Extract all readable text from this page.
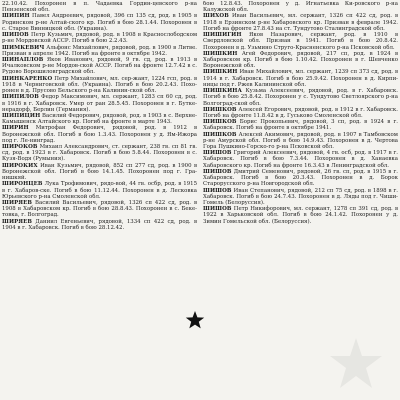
22.10.42. Похоронен в п. Чадаевка Гордин-цевского р-на Пензенской обл.
ШИПИН Павел Андреевич, рядовой, 396 сп 135 сд, род. в 1905 в Родинском р-не Алтай-ского кр. Погиб в бою 28.1.44. Похоронен в с. Старое Винницкой обл. (Украина).
ШИПОВ Петр Кузьмич, рядовой, род. в 1908 в Краснослободском р-не Мордовской АССР. Погиб в бою 2.2.43.
ШИМКЕВИЧ Альфонс Михайлович, рядовой, род. в 1900 в Литве. Призван в апреле 1942. Погиб на фронте в октябре 1942.
ШИНАПЛОВ Яков Иванович, рядовой, 9 гв. сд, род. в 1913 в Ичалковском р-не Мордов-ской АССР. Погиб на фронте 12.7.42 в с. Рудово Ворошиловградской обл.
ШИНКАРЕНКО Петр Михайлович, мл. сер-жант, 1224 гсп, род. в 1918 в Черниговской обл. (Украина). Погиб в бою 20.2.43. Похо-ронен в д. Прусово Бельского р-на Калинин-ской обл.
ШИПИЛОВ Федор Максимович, мл. сержант, 1283 сп 60 сд, род. в 1916 в г. Хабаровск. Умер от ран 28.5.45. Похоронен в г. Бутке-нерадорф, Берлин (Германия).
ШИПИЦИН Василий Федорович, рядовой, род. в 1903 в с. Верхне-Камышенск Алтайского кр. Погиб на фронте в марте 1943.
ШИРИН Митрофан Федорович, рядовой, род. в 1912 в Воронежской обл. Погиб в бою 1.3.43. Похоронен у д. Ям-Ижора под г. Ле-нинград.
ШИРОКОВ Михаил Александрович, ст. сержант, 238 гв. сп 81 гв. сд, род. в 1923 в г. Хабаровск. Погиб в бою 5.8.44. Похоронен в с. Кузя-Водя (Румыния).
ШИРОКИХ Иван Кузьмич, рядовой, 852 сп 277 сд, род. в 1900 в Воронежской обл. Погиб в бою 14.1.45. Похоронен под г. Гра-нишкяй.
ШИРОНЦЕВ Лука Трофимович, рядо-вой, 44 гв. осбр, род. в 1915 в г. Хабаров-ске. Погиб в бою 11.12.44. Похоронен в д. Лесковка Юрьевского р-на Смоленской обл.
ШИРЯЕВ Василий Васильевич, рядовой, 1326 сп 422 сд, род. в 1908 в Хабаровском кр. Погиб в бою 28.8.43. Похоронен в с. Беке-товка, г. Волгоград.
ШИРЯЕВ Даниил Евгеньевич, рядовой, 1334 сп 422 сд, род. в 1904 в г. Хабаровск. Погиб в бою 28.12.42.
бою 12.8.43. Похоронен у д. Игнатьевка Ки-ровского р-на Калужской обл.
ШИХОВ Иван Васильевич, мл. сержант, 1326 сп 422 сд, род. в 1918 в Ерзинском р-не Хабаровского кр. Призван в феврале 1942. Погиб на фронте 27.8.43 на ст. Тундутово Сталинградской обл.
ШИШИГИН Яков Назарович, сержант, род. в 1910 в Свердловской обл. Призван в 1941. Погиб в бою 20.8.42. Похоронен в д. Узьмино Струго-Красненского р-на Псковской обл.
ШИШКИН Агей Федорович, рядовой, 217 сп, род. в 1924 в Хабаровском кр. Погиб в бою 1.10.42. Похоронен в г. Шевченко Воронежской обл.
ШИШКИН Иван Михайлович, мл. сержант, 1239 сп 373 сд, род. в 1914 в г. Хабаровск. Погиб в бою 25.9.42. Похоронен в д. Кирпи-ницы под г. Ржев Калининской обл.
ШИШКИНА Кузьма Алексеевич, рядовой, род. в г. Хабаровск. Погиб в бою 25.8.42. Похоронен у с. Тундутово Светлоярского р-на Волгоград-ской обл.
ШИШКОВ Алексей Егорович, рядовой, род. в 1912 в г. Хабаровск. Погиб на фронте 11.8.42 в д. Гуськово Смоленской обл.
ШИШКОВ Борис Прокопьевич, рядовой, 3 сп, род. в 1924 в г. Хабаровск. Погиб на фронте в октябре 1941.
ШИШКОВ Алексей Акимович, рядовой, род. в 1907 в Тамбовском р-не Амурской обл. Погиб в бою 14.9.43. Похоронен в д. Чертова Гора Пушкино-Горско-го р-на Псковской обл.
ШИШОВ Григорий Алексеевич, рядовой, 4 гв. осб, род. в 1917 в г. Хабаровск. Погиб в бою 7.3.44. Похоронен в д. Ханаевка Хабаровского кр. Погиб на фронте 16.3.43 в Ленинградской обл.
ШИШОВ Дмитрий Семенович, рядовой, 26 гв. сп, род. в 1915 в г. Хабаровск. Погиб в бою 20.3.43. Похоронен в д. Борок Старорусского р-на Новгородской обл.
ШИШОВ Иван Степанович, рядовой, 212 сп 75 сд, род. в 1898 в г. Хабаровск. Погиб в бою 24.7.43. Похоронен в д. Ляды под г. Чиши-Гомель (Белоруссия).
ШИШОВ Петр Никифорович, мл. сержант, 1278 сп 391 сд, род. в 1922 в Харьковской обл. Погиб в бою 24.1.42. Похоронен у д. Зимин Гомельской обл. (Белоруссия).
